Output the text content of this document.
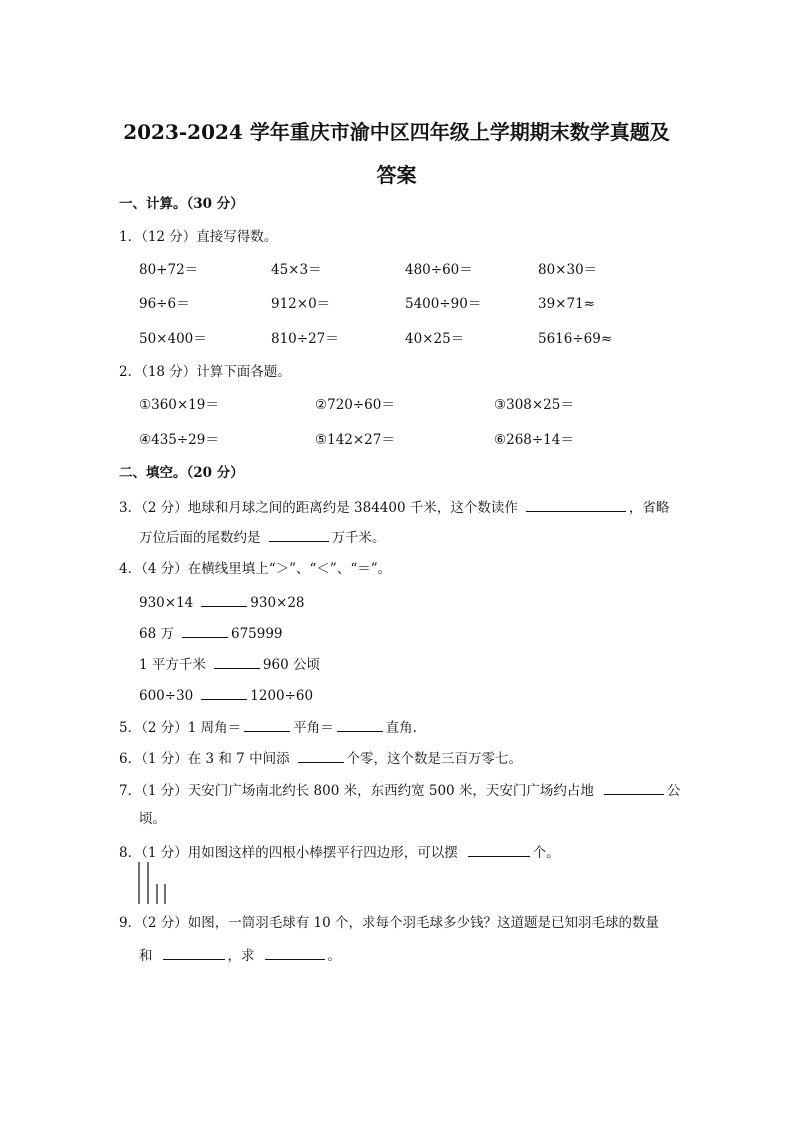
2023-2024 学年重庆市渝中区四年级上学期期末数学真题及
答案
一、计算。（30 分）
1．（12 分）直接写得数。
80+72＝	45×3＝	480÷60＝	80×30＝
96÷6＝	912×0＝	5400÷90＝	39×71≈
50×400＝	810÷27＝	40×25＝	5616÷69≈
2．（18 分）计算下面各题。
①360×19＝	②720÷60＝	③308×25＝
④435÷29＝	⑤142×27＝	⑥268÷14＝
二、填空。（20 分）
3．（2 分）地球和月球之间的距离约是 384400 千米，这个数读作	，省略
万位后面的尾数约是	万千米。
4．（4 分）在横线里填上“＞”、“＜”、“＝”。
930×14	930×28
68 万	675999
1 平方千米	960 公顷
600÷30	1200÷60
5．（2 分）1 周角＝	平角＝	直角.
6．（1 分）在 3 和 7 中间添	个零，这个数是三百万零七。
7．（1 分）天安门广场南北约长 800 米，东西约宽 500 米，天安门广场约占地	公
顷。
8．（1 分）用如图这样的四根小棒摆平行四边形，可以摆	个。
9．（2 分）如图，一筒羽毛球有 10 个，求每个羽毛球多少钱？这道题是已知羽毛球的数量
和	，求	。
